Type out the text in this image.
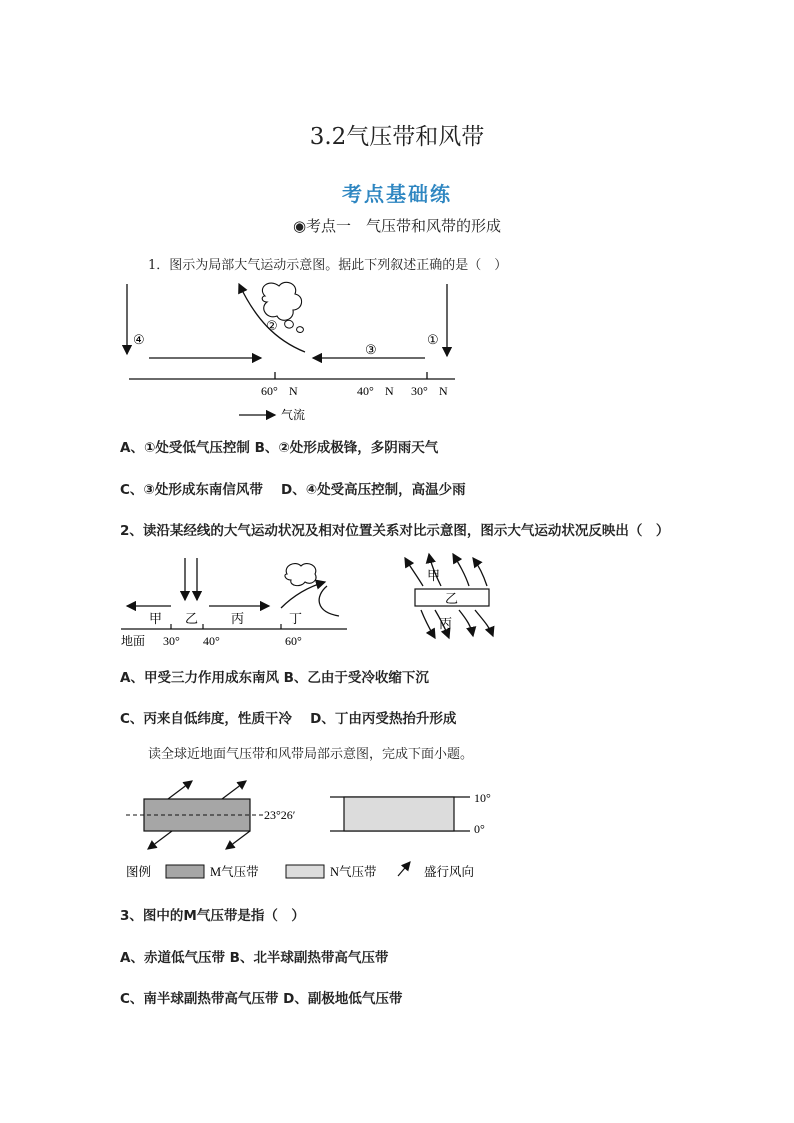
3.2气压带和风带
考点基础练
◉考点一　气压带和风带的形成
1．图示为局部大气运动示意图。据此下列叙述正确的是（　）
④
②
③
①
60° N	40° N 30° N
气流
A、①处受低气压控制 B、②处形成极锋，多阴雨天气
C、③处形成东南信风带　 D、④处受高压控制，高温少雨
2、读沿某经线的大气运动状况及相对位置关系对比示意图，图示大气运动状况反映出（　）
甲 乙	丙	丁
地面 30° 40°	60°
甲
乙
丙
A、甲受三力作用成东南风 B、乙由于受冷收缩下沉
C、丙来自低纬度，性质干冷　 D、丁由丙受热抬升形成
读全球近地面气压带和风带局部示意图，完成下面小题。
23°26′
10°
0°
图例	M气压带	N气压带	盛行风向
3、图中的M气压带是指（　）
A、赤道低气压带 B、北半球副热带高气压带
C、南半球副热带高气压带 D、副极地低气压带
